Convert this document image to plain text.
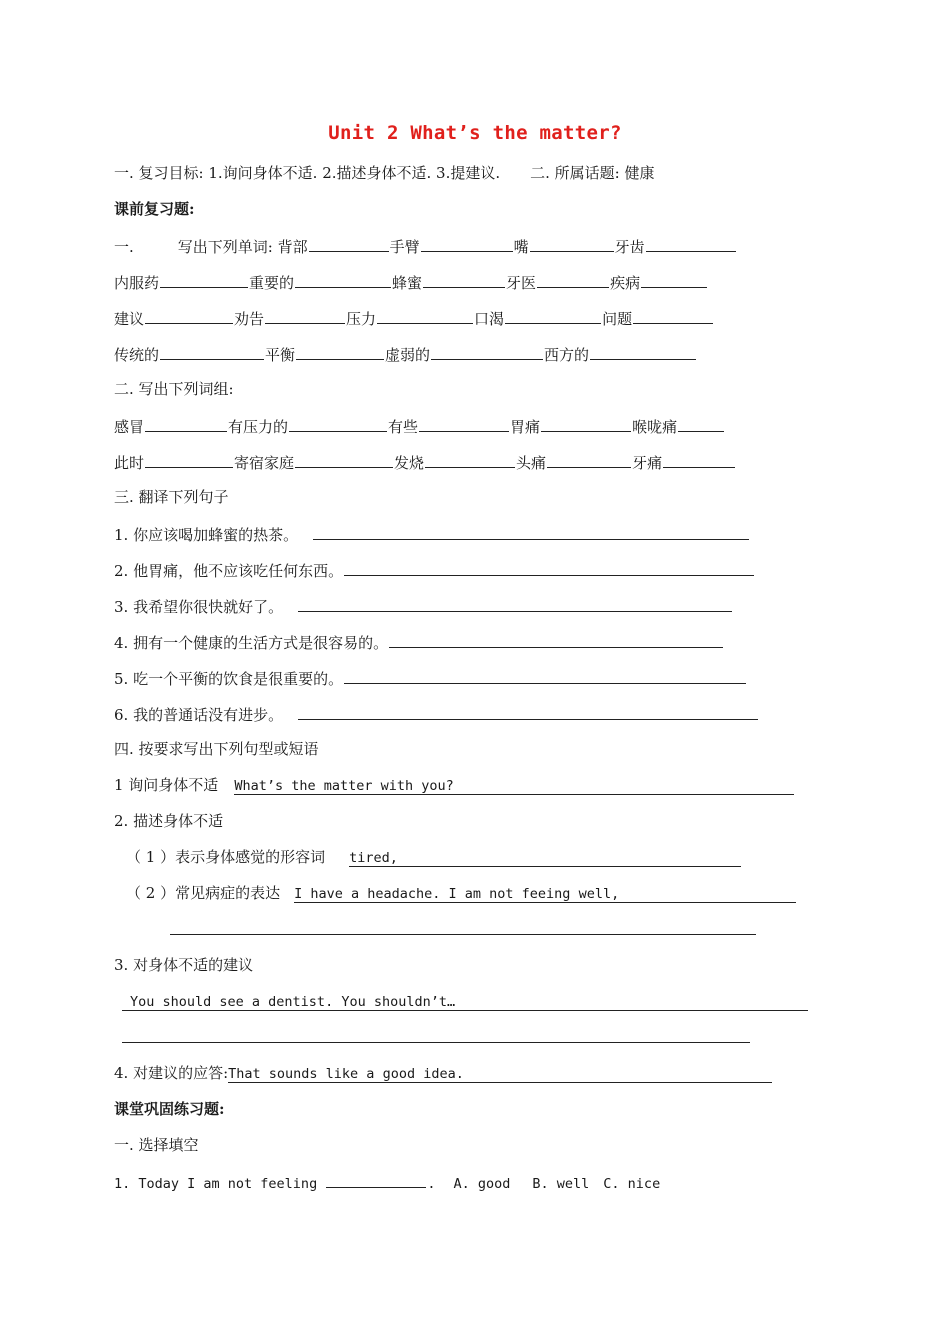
Unit 2 What’s the matter?
一. 复习目标: 1.询问身体不适. 2.描述身体不适. 3.提建议. 二. 所属话题: 健康
课前复习题:
一.	写出下列单词: 背部	手臂	嘴	牙齿
内服药	重要的	蜂蜜	牙医	疾病
建议	劝告	压力	口渴	问题
传统的	平衡	虚弱的	西方的
二. 写出下列词组:
感冒	有压力的	有些	胃痛	喉咙痛
此时	寄宿家庭	发烧	头痛	牙痛
三. 翻译下列句子
1. 你应该喝加蜂蜜的热茶。
2. 他胃痛，他不应该吃任何东西。
3. 我希望你很快就好了。
4. 拥有一个健康的生活方式是很容易的。
5. 吃一个平衡的饮食是很重要的。
6. 我的普通话没有进步。
四. 按要求写出下列句型或短语
1 询问身体不适 What’s the matter with you?
2. 描述身体不适
（ 1 ）表示身体感觉的形容词 tired,
（ 2 ）常见病症的表达 I have a headache. I am not feeing well,
3. 对身体不适的建议
You should see a dentist. You shouldn’t…
4. 对建议的应答:That sounds like a good idea.
课堂巩固练习题:
一. 选择填空
1. Today I am not feeling	. A. good B. well C. nice
